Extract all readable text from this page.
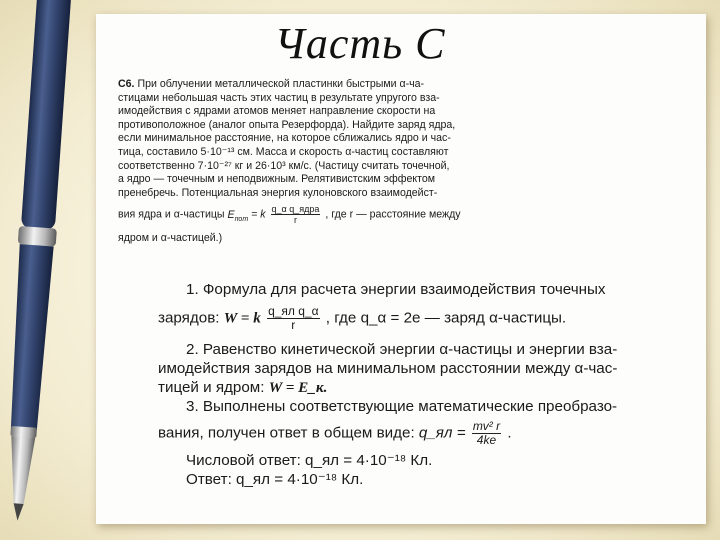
Часть С
С6. При облучении металлической пластинки быстрыми α-ча-
стицами небольшая часть этих частиц в результате упругого вза-
имодействия с ядрами атомов меняет направление скорости на
противоположное (аналог опыта Резерфорда). Найдите заряд ядра,
если минимальное расстояние, на которое сближались ядро и час-
тица, составило 5·10⁻¹³ см. Масса и скорость α-частиц составляют
соответственно 7·10⁻²⁷ кг и 26·10³ км/с. (Частицу считать точечной,
а ядро — точечным и неподвижным. Релятивистским эффектом
пренебречь. Потенциальная энергия кулоновского взаимодейст-
вия ядра и α-частицы $E_{пот} = k \frac{\text{q\_α q\_ядра}}{r}$ , где r — расстояние между
ядром и α-частицей.)
1. Формула для расчета энергии взаимодействия точечных
зарядов: W = k $\frac{\text{q\_ял q\_α}}{r}$ , где q_α = 2e — заряд α-частицы.
2. Равенство кинетической энергии α-частицы и энергии вза-
имодействия зарядов на минимальном расстоянии между α-час-
тицей и ядром: W = E_к.
3. Выполнены соответствующие математические преобразо-
вания, получен ответ в общем виде: q_ял = $\frac{\text{mv² r}}{4ke}$ .
Числовой ответ: q_ял = 4·10⁻¹⁸ Кл.
Ответ: q_ял = 4·10⁻¹⁸ Кл.
